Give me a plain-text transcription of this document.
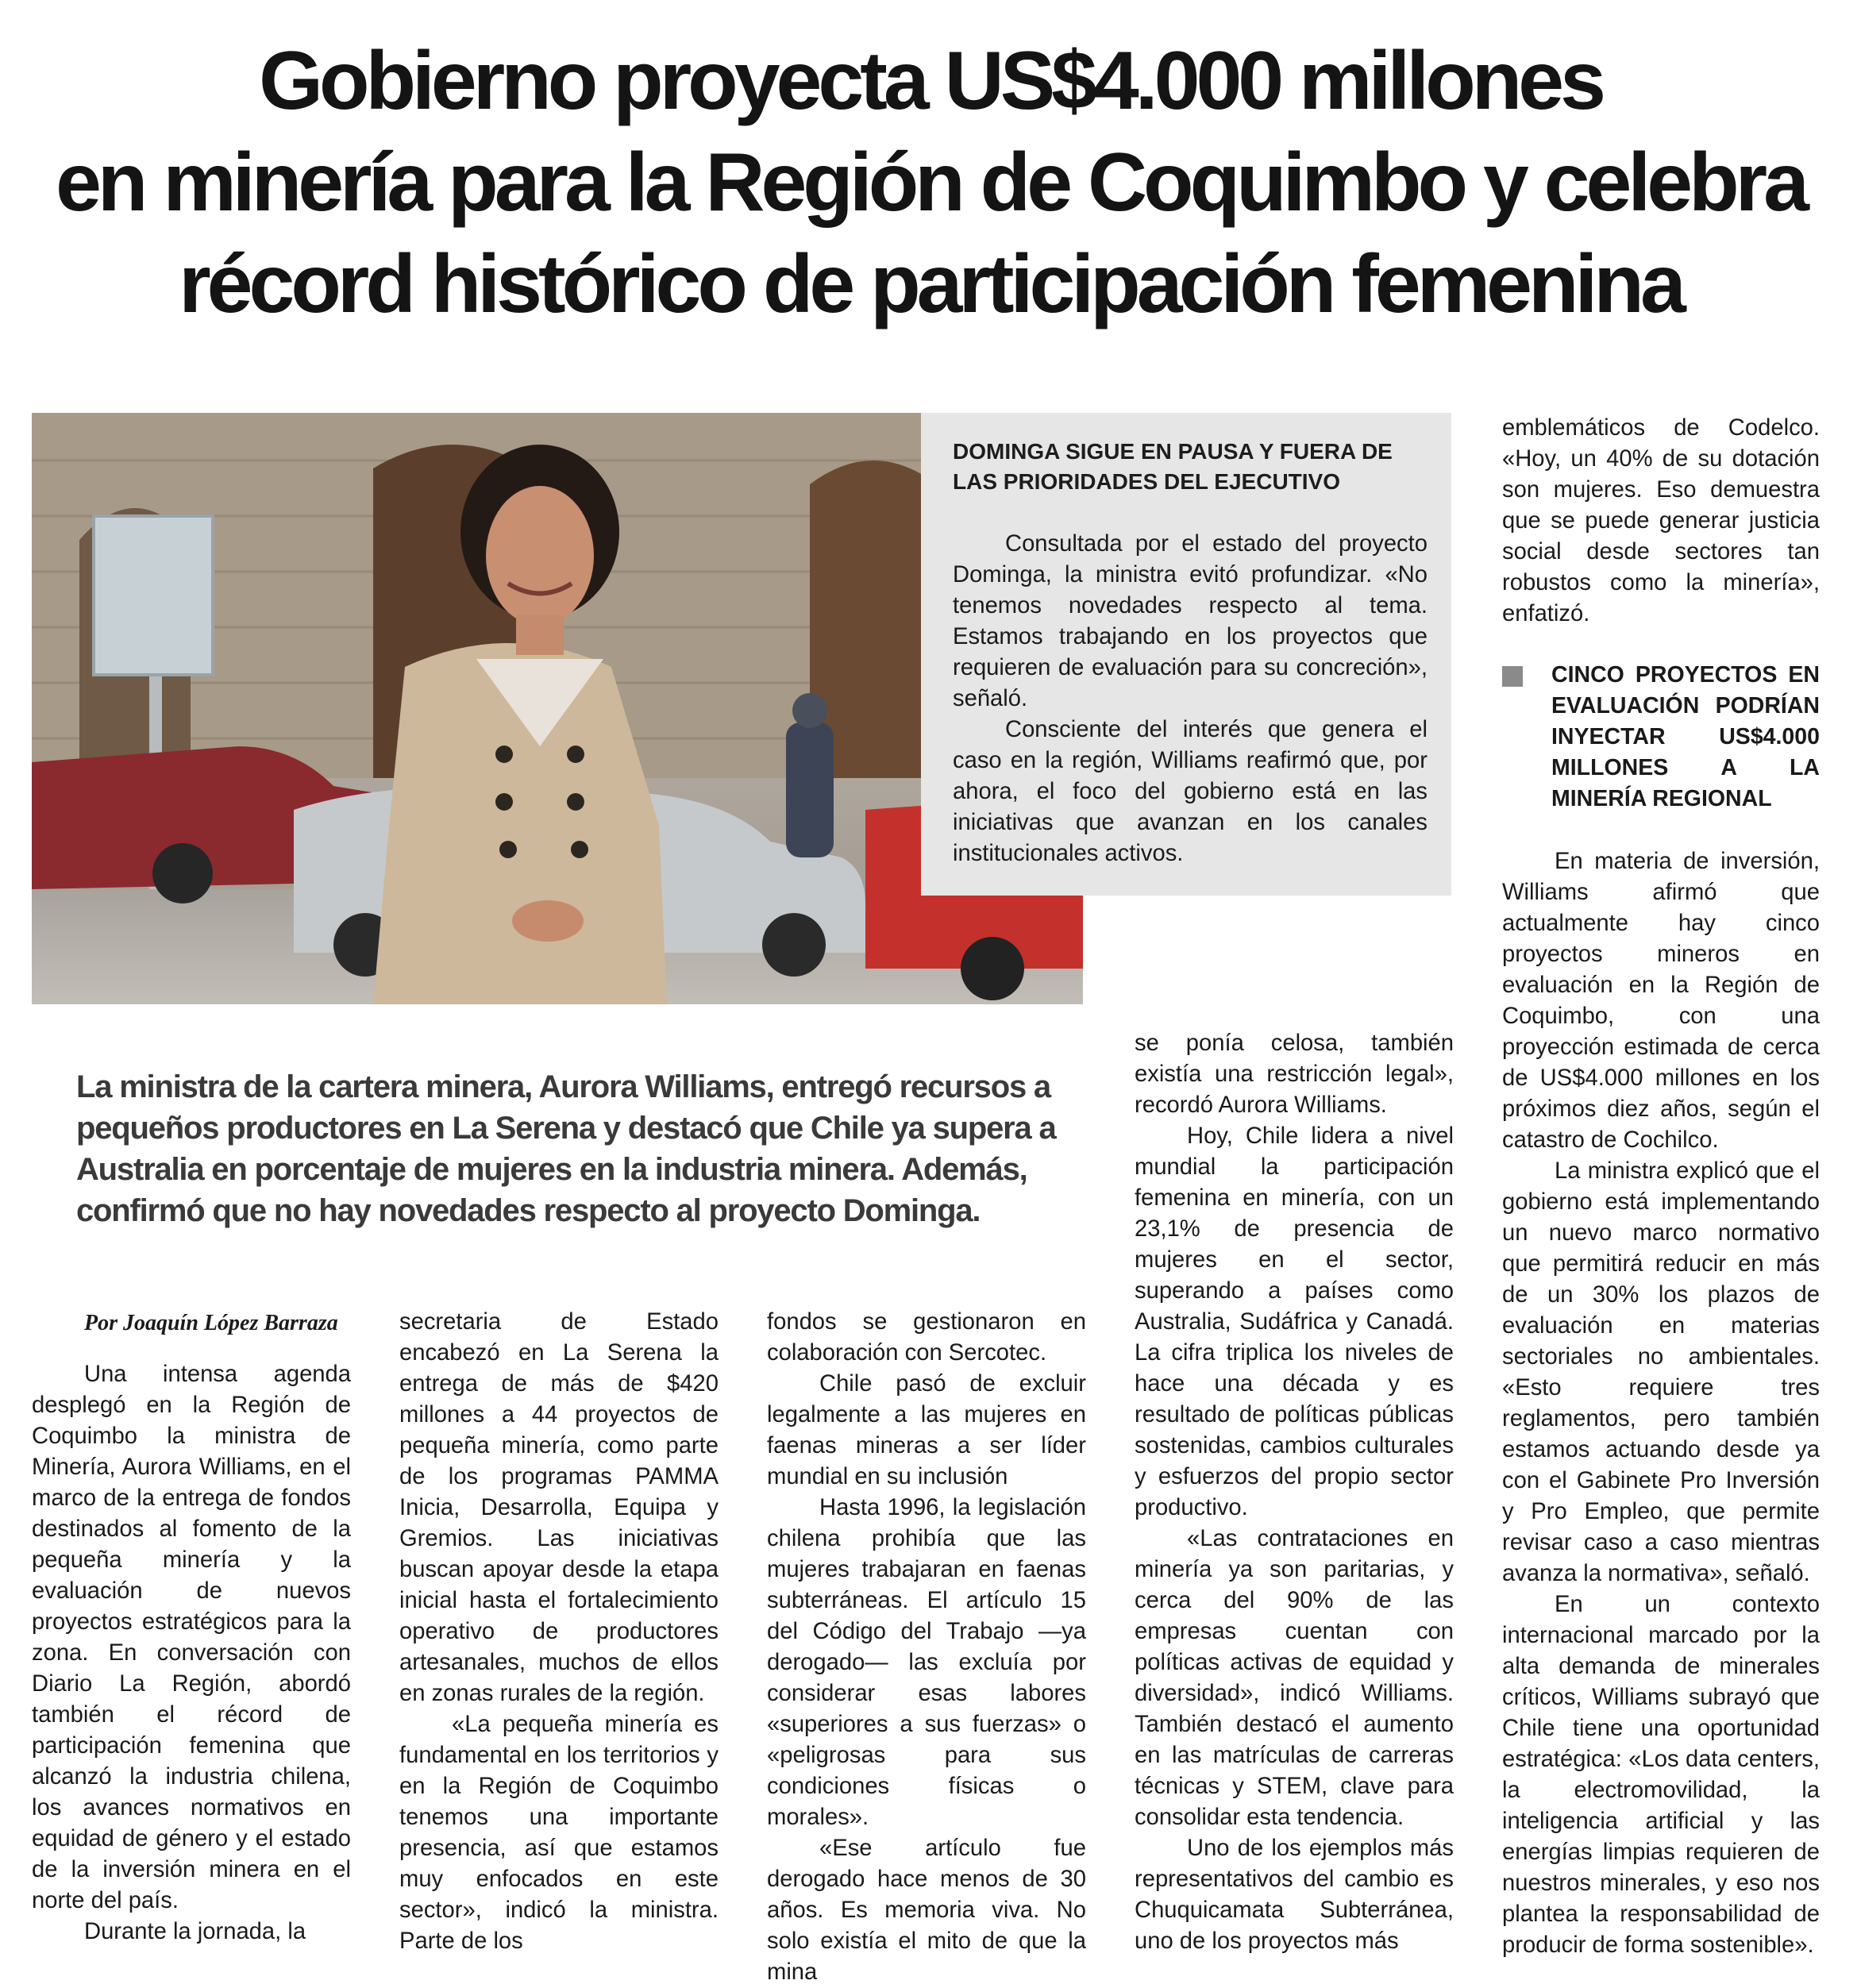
Gobierno proyecta US$4.000 millones
en minería para la Región de Coquimbo y celebra
récord histórico de participación femenina
DOMINGA SIGUE EN PAUSA Y FUERA DE LAS PRIORIDADES DEL EJECUTIVO

Consultada por el estado del proyecto Dominga, la ministra evitó profundizar. «No tenemos novedades respecto al tema. Estamos trabajando en los proyectos que requieren de evaluación para su concreción», señaló.

Consciente del interés que genera el caso en la región, Williams reafirmó que, por ahora, el foco del gobierno está en las iniciativas que avanzan en los canales institucionales activos.

La ministra de la cartera minera, Aurora Williams, entregó recursos a pequeños productores en La Serena y destacó que Chile ya supera a Australia en porcentaje de mujeres en la industria minera. Además, confirmó que no hay novedades respecto al proyecto Dominga.

Por Joaquín López Barraza

Una intensa agenda desplegó en la Región de Coquimbo la ministra de Minería, Aurora Williams, en el marco de la entrega de fondos destinados al fomento de la pequeña minería y la evaluación de nuevos proyectos estratégicos para la zona. En conversación con Diario La Región, abordó también el récord de participación femenina que alcanzó la industria chilena, los avances normativos en equidad de género y el estado de la inversión minera en el norte del país.

Durante la jornada, la

secretaria de Estado encabezó en La Serena la entrega de más de $420 millones a 44 proyectos de pequeña minería, como parte de los programas PAMMA Inicia, Desarrolla, Equipa y Gremios. Las iniciativas buscan apoyar desde la etapa inicial hasta el fortalecimiento operativo de productores artesanales, muchos de ellos en zonas rurales de la región.

«La pequeña minería es fundamental en los territorios y en la Región de Coquimbo tenemos una importante presencia, así que estamos muy enfocados en este sector», indicó la ministra. Parte de los

fondos se gestionaron en colaboración con Sercotec.

Chile pasó de excluir legalmente a las mujeres en faenas mineras a ser líder mundial en su inclusión

Hasta 1996, la legislación chilena prohibía que las mujeres trabajaran en faenas subterráneas. El artículo 15 del Código del Trabajo —ya derogado— las excluía por considerar esas labores «superiores a sus fuerzas» o «peligrosas para sus condiciones físicas o morales».

«Ese artículo fue derogado hace menos de 30 años. Es memoria viva. No solo existía el mito de que la mina

se ponía celosa, también existía una restricción legal», recordó Aurora Williams.

Hoy, Chile lidera a nivel mundial la participación femenina en minería, con un 23,1% de presencia de mujeres en el sector, superando a países como Australia, Sudáfrica y Canadá. La cifra triplica los niveles de hace una década y es resultado de políticas públicas sostenidas, cambios culturales y esfuerzos del propio sector productivo.

«Las contrataciones en minería ya son paritarias, y cerca del 90% de las empresas cuentan con políticas activas de equidad y diversidad», indicó Williams. También destacó el aumento en las matrículas de carreras técnicas y STEM, clave para consolidar esta tendencia.

Uno de los ejemplos más representativos del cambio es Chuquicamata Subterránea, uno de los proyectos más

emblemáticos de Codelco. «Hoy, un 40% de su dotación son mujeres. Eso demuestra que se puede generar justicia social desde sectores tan robustos como la minería», enfatizó.

CINCO PROYECTOS EN EVALUACIÓN PODRÍAN INYECTAR US$4.000 MILLONES A LA MINERÍA REGIONAL

En materia de inversión, Williams afirmó que actualmente hay cinco proyectos mineros en evaluación en la Región de Coquimbo, con una proyección estimada de cerca de US$4.000 millones en los próximos diez años, según el catastro de Cochilco.

La ministra explicó que el gobierno está implementando un nuevo marco normativo que permitirá reducir en más de un 30% los plazos de evaluación en materias sectoriales no ambientales. «Esto requiere tres reglamentos, pero también estamos actuando desde ya con el Gabinete Pro Inversión y Pro Empleo, que permite revisar caso a caso mientras avanza la normativa», señaló.

En un contexto internacional marcado por la alta demanda de minerales críticos, Williams subrayó que Chile tiene una oportunidad estratégica: «Los data centers, la electromovilidad, la inteligencia artificial y las energías limpias requieren de nuestros minerales, y eso nos plantea la responsabilidad de producir de forma sostenible».
